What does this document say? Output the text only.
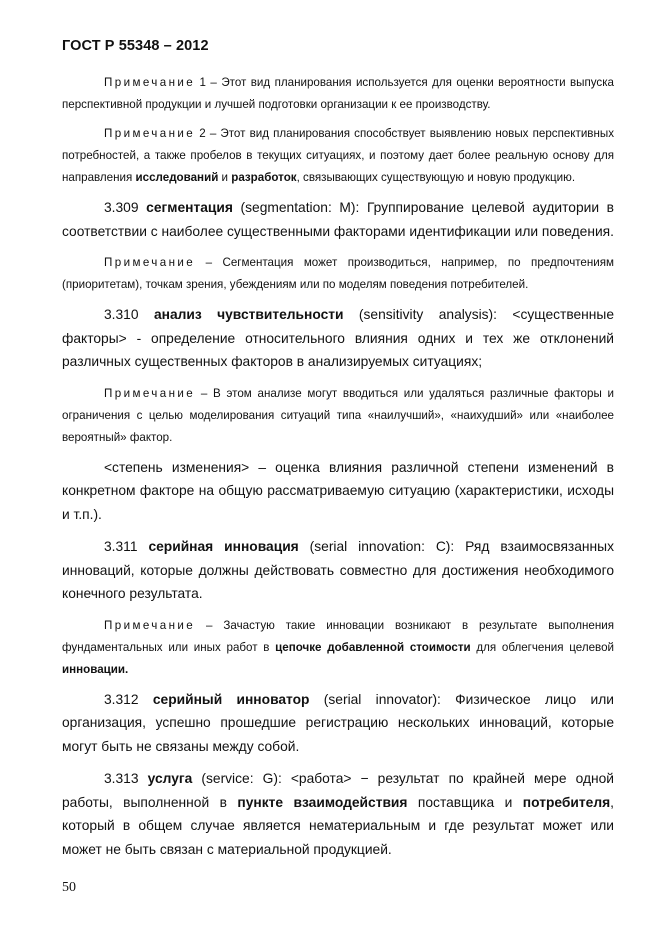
ГОСТ Р 55348 – 2012

Примечание 1 – Этот вид планирования используется для оценки вероятности выпуска перспективной продукции и лучшей подготовки организации к ее производству.

Примечание 2 – Этот вид планирования способствует выявлению новых перспективных потребностей, а также пробелов в текущих ситуациях, и поэтому дает более реальную основу для направления исследований и разработок, связывающих существующую и новую продукцию.

3.309 сегментация (segmentation: M): Группирование целевой аудитории в соответствии с наиболее существенными факторами идентификации или поведения.

Примечание – Сегментация может производиться, например, по предпочтениям (приоритетам), точкам зрения, убеждениям или по моделям поведения потребителей.

3.310 анализ чувствительности (sensitivity analysis): <существенные факторы> - определение относительного влияния одних и тех же отклонений различных существенных факторов в анализируемых ситуациях;

Примечание – В этом анализе могут вводиться или удаляться различные факторы и ограничения с целью моделирования ситуаций типа «наилучший», «наихудший» или «наиболее вероятный» фактор.

<степень изменения> – оценка влияния различной степени изменений в конкретном факторе на общую рассматриваемую ситуацию (характеристики, исходы и т.п.).

3.311 серийная инновация (serial innovation: C): Ряд взаимосвязанных инноваций, которые должны действовать совместно для достижения необходимого конечного результата.

Примечание – Зачастую такие инновации возникают в результате выполнения фундаментальных или иных работ в цепочке добавленной стоимости для облегчения целевой инновации.

3.312 серийный инноватор (serial innovator): Физическое лицо или организация, успешно прошедшие регистрацию нескольких инноваций, которые могут быть не связаны между собой.

3.313 услуга (service: G): <работа> − результат по крайней мере одной работы, выполненной в пункте взаимодействия поставщика и потребителя, который в общем случае является нематериальным и где результат может или может не быть связан с материальной продукцией.

50
